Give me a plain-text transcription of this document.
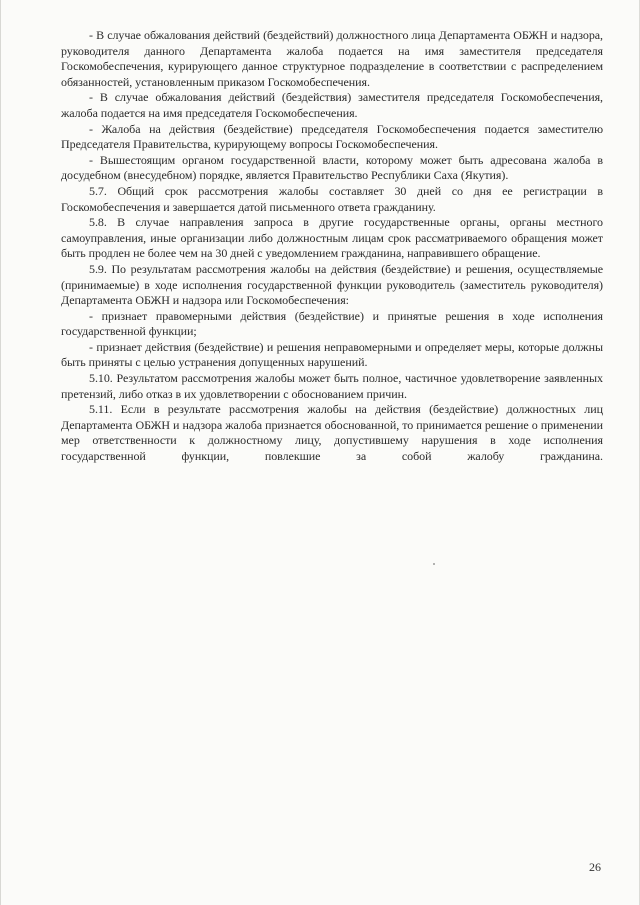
- В случае обжалования действий (бездействий) должностного лица Департамента ОБЖН и надзора, руководителя данного Департамента жалоба подается на имя заместителя председателя Госкомобеспечения, курирующего данное структурное подразделение в соответствии с распределением обязанностей, установленным приказом Госкомобеспечения.

- В случае обжалования действий (бездействия) заместителя председателя Госкомобеспечения, жалоба подается на имя председателя Госкомобеспечения.

- Жалоба на действия (бездействие) председателя Госкомобеспечения подается заместителю Председателя Правительства, курирующему вопросы Госкомобеспечения.

- Вышестоящим органом государственной власти, которому может быть адресована жалоба в досудебном (внесудебном) порядке, является Правительство Республики Саха (Якутия).

5.7. Общий срок рассмотрения жалобы составляет 30 дней со дня ее регистрации в Госкомобеспечения и завершается датой письменного ответа гражданину.

5.8. В случае направления запроса в другие государственные органы, органы местного самоуправления, иные организации либо должностным лицам срок рассматриваемого обращения может быть продлен не более чем на 30 дней с уведомлением гражданина, направившего обращение.

5.9. По результатам рассмотрения жалобы на действия (бездействие) и решения, осуществляемые (принимаемые) в ходе исполнения государственной функции руководитель (заместитель руководителя) Департамента ОБЖН и надзора или Госкомобеспечения:

- признает правомерными действия (бездействие) и принятые решения в ходе исполнения государственной функции;

- признает действия (бездействие) и решения неправомерными и определяет меры, которые должны быть приняты с целью устранения допущенных нарушений.

5.10. Результатом рассмотрения жалобы может быть полное, частичное удовлетворение заявленных претензий, либо отказ в их удовлетворении с обоснованием причин.

5.11. Если в результате рассмотрения жалобы на действия (бездействие) должностных лиц Департамента ОБЖН и надзора жалоба признается обоснованной, то принимается решение о применении мер ответственности к должностному лицу, допустившему нарушения в ходе исполнения государственной функции, повлекшие за собой жалобу гражданина.

26
